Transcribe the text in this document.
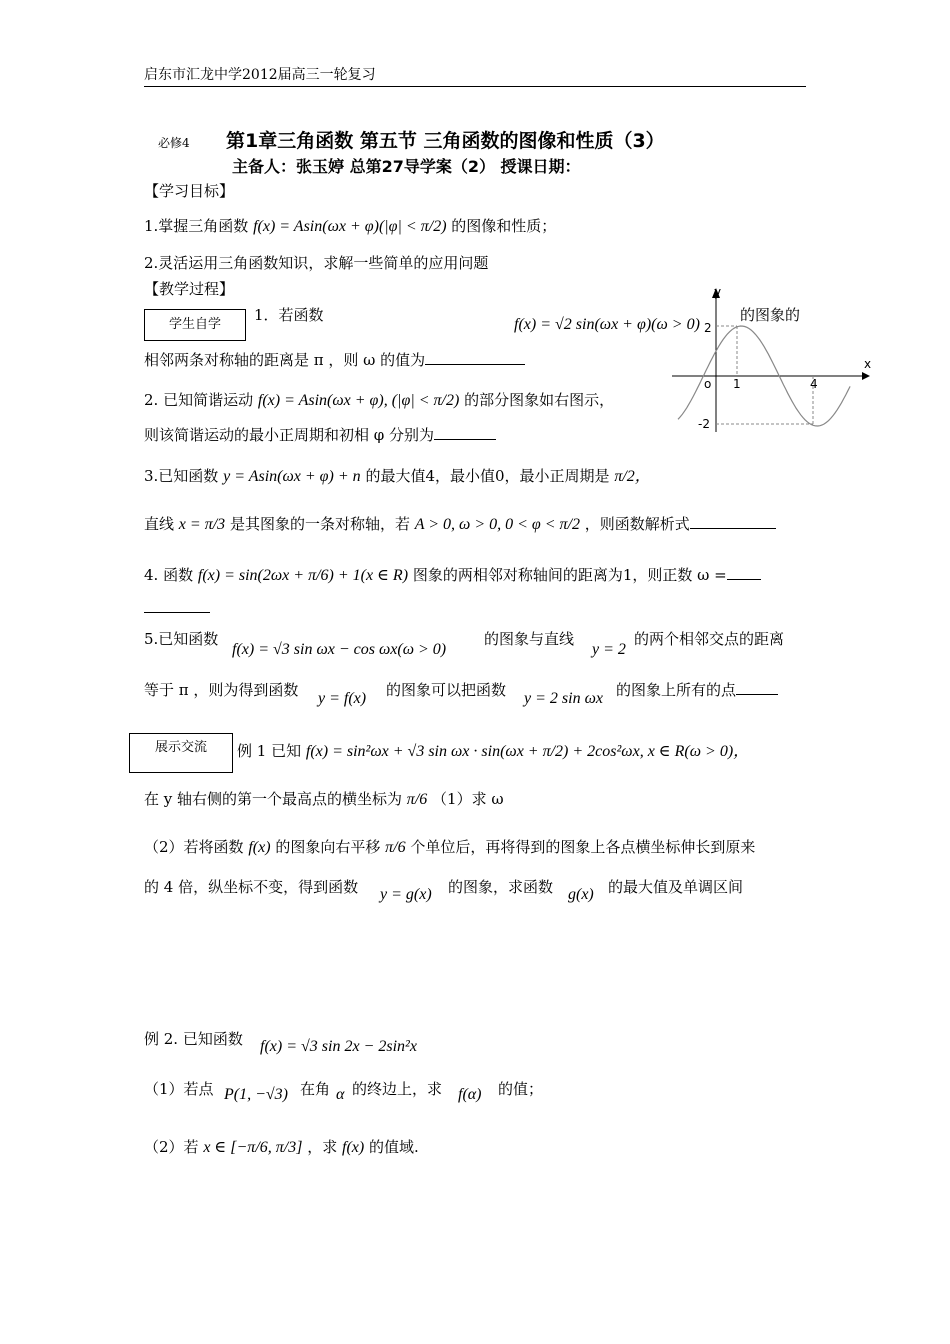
启东市汇龙中学2012届高三一轮复习
必修4 第1章三角函数 第五节 三角函数的图像和性质（3）
主备人：张玉婷 总第27导学案（2） 授课日期：
【学习目标】
1.掌握三角函数 f(x) = Asin(ωx + φ)(|φ| < π/2) 的图像和性质；
2.灵活运用三角函数知识，求解一些简单的应用问题
【教学过程】
学生自学
1．若函数
f(x) = √2 sin(ωx + φ)(ω > 0)
的图象的
相邻两条对称轴的距离是 π ，则 ω 的值为
y
x
o 1	4
2
-2
2. 已知简谐运动 f(x) = Asin(ωx + φ), (|φ| < π/2) 的部分图象如右图示，
则该简谐运动的最小正周期和初相 φ 分别为
3.已知函数 y = Asin(ωx + φ) + n 的最大值4，最小值0，最小正周期是 π/2，
直线 x = π/3 是其图象的一条对称轴，若 A > 0, ω > 0, 0 < φ < π/2 ，则函数解析式
4. 函数 f(x) = sin(2ωx + π/6) + 1(x ∈ R) 图象的两相邻对称轴间的距离为1，则正数 ω =
5.已知函数
f(x) = √3 sin ωx − cos ωx(ω > 0)
的图象与直线
y = 2
的两个相邻交点的距离
等于 π ，则为得到函数 y = f(x) 的图象可以把函数 y = 2 sin ωx 的图象上所有的点
展示交流	例 1 已知 f(x) = sin²ωx + √3 sin ωx · sin(ωx + π/2) + 2cos²ωx, x ∈ R(ω > 0)，
在 y 轴右侧的第一个最高点的横坐标为 π/6 （1）求 ω
（2）若将函数 f(x) 的图象向右平移 π/6 个单位后，再将得到的图象上各点横坐标伸长到原来
的 4 倍，纵坐标不变，得到函数 y = g(x) 的图象，求函数 g(x) 的最大值及单调区间
例 2. 已知函数 f(x) = √3 sin 2x − 2sin²x
（1）若点 P(1, −√3) 在角 α 的终边上，求 f(α) 的值；
（2）若 x ∈ [−π/6, π/3] ，求 f(x) 的值域.
